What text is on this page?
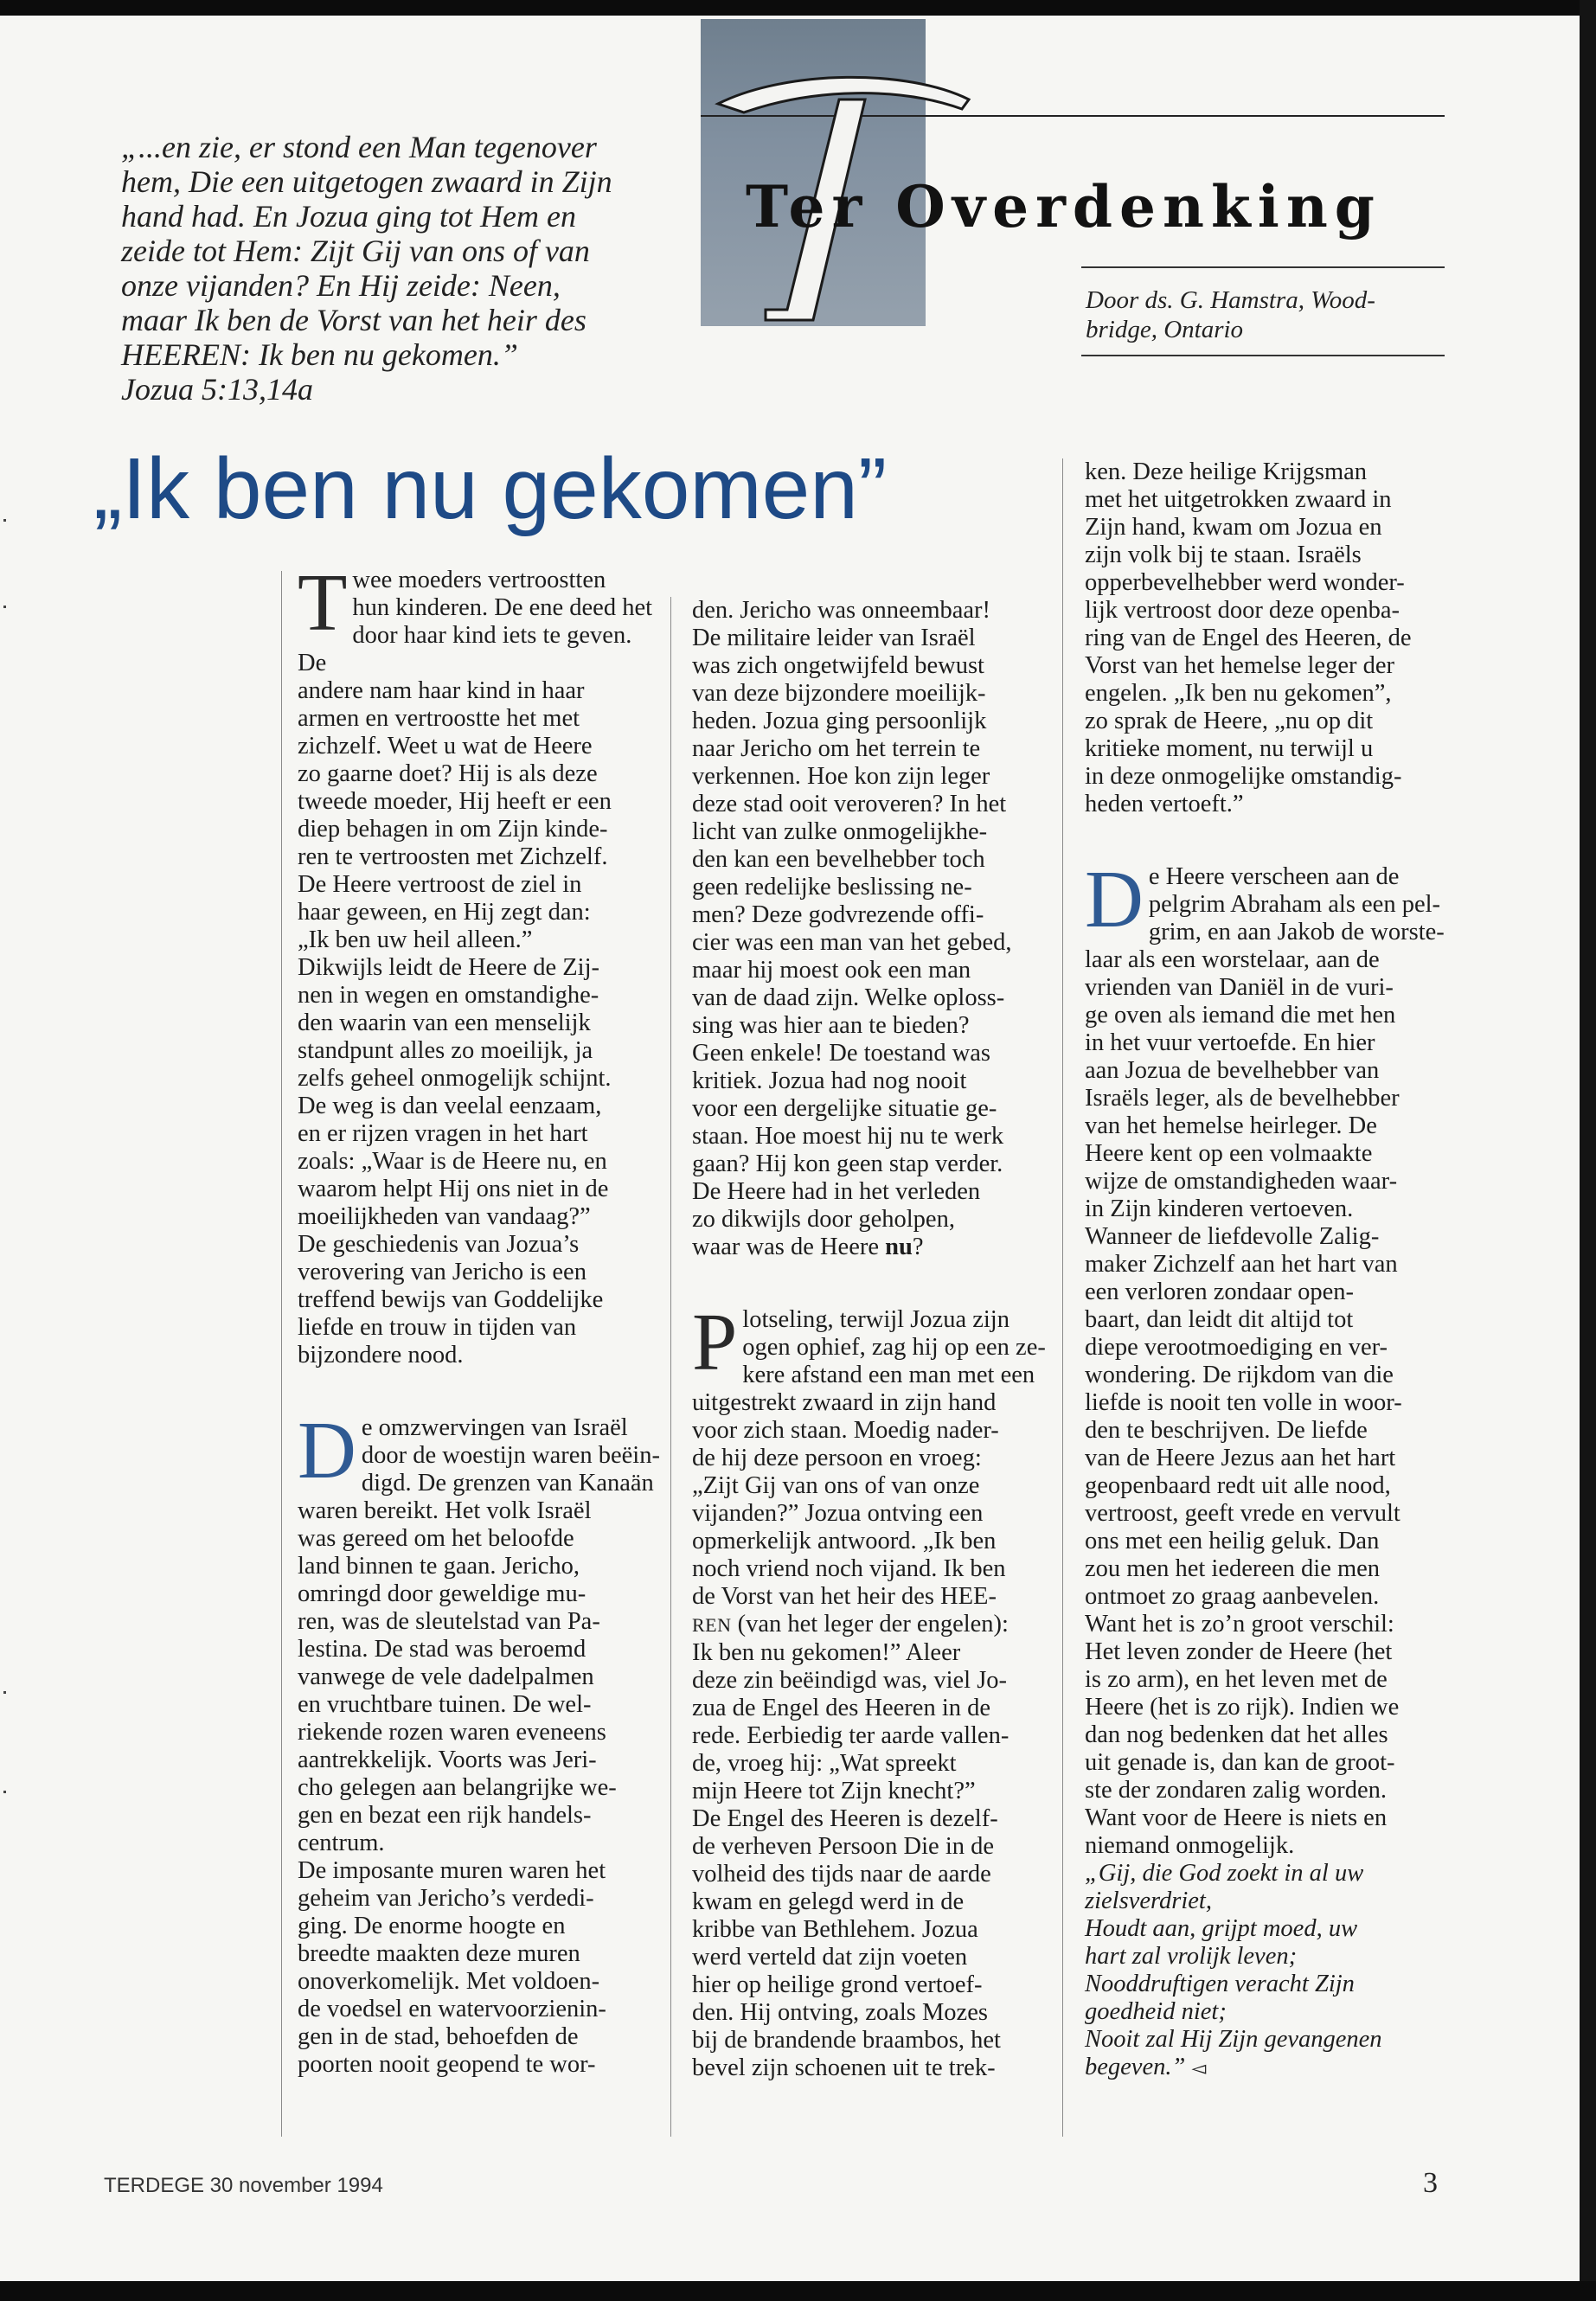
„...en zie, er stond een Man tegenover
hem, Die een uitgetogen zwaard in Zijn
hand had. En Jozua ging tot Hem en
zeide tot Hem: Zijt Gij van ons of van
onze vijanden? En Hij zeide: Neen,
maar Ik ben de Vorst van het heir des
HEEREN: Ik ben nu gekomen.”
Jozua 5:13,14a
T
Ter Overdenking
Door ds. G. Hamstra, Wood-
bridge, Ontario
„Ik ben nu gekomen”

T wee moeders vertroostten
hun kinderen. De ene deed het
door haar kind iets te geven. De
andere nam haar kind in haar
armen en vertroostte het met
zichzelf. Weet u wat de Heere
zo gaarne doet? Hij is als deze
tweede moeder, Hij heeft er een
diep behagen in om Zijn kinde-
ren te vertroosten met Zichzelf.
De Heere vertroost de ziel in
haar geween, en Hij zegt dan:
„Ik ben uw heil alleen.”
Dikwijls leidt de Heere de Zij-
nen in wegen en omstandighe-
den waarin van een menselijk
standpunt alles zo moeilijk, ja
zelfs geheel onmogelijk schijnt.
De weg is dan veelal eenzaam,
en er rijzen vragen in het hart
zoals: „Waar is de Heere nu, en
waarom helpt Hij ons niet in de
moeilijkheden van vandaag?”
De geschiedenis van Jozua’s
verovering van Jericho is een
treffend bewijs van Goddelijke
liefde en trouw in tijden van
bijzondere nood.

D e omzwervingen van Israël
door de woestijn waren beëin-
digd. De grenzen van Kanaän
waren bereikt. Het volk Israël
was gereed om het beloofde
land binnen te gaan. Jericho,
omringd door geweldige mu-
ren, was de sleutelstad van Pa-
lestina. De stad was beroemd
vanwege de vele dadelpalmen
en vruchtbare tuinen. De wel-
riekende rozen waren eveneens
aantrekkelijk. Voorts was Jeri-
cho gelegen aan belangrijke we-
gen en bezat een rijk handels-
centrum.
De imposante muren waren het
geheim van Jericho’s verdedi-
ging. De enorme hoogte en
breedte maakten deze muren
onoverkomelijk. Met voldoen-
de voedsel en watervoorzienin-
gen in de stad, behoefden de
poorten nooit geopend te wor-

den. Jericho was onneembaar!
De militaire leider van Israël
was zich ongetwijfeld bewust
van deze bijzondere moeilijk-
heden. Jozua ging persoonlijk
naar Jericho om het terrein te
verkennen. Hoe kon zijn leger
deze stad ooit veroveren? In het
licht van zulke onmogelijkhe-
den kan een bevelhebber toch
geen redelijke beslissing ne-
men? Deze godvrezende offi-
cier was een man van het gebed,
maar hij moest ook een man
van de daad zijn. Welke oploss-
sing was hier aan te bieden?
Geen enkele! De toestand was
kritiek. Jozua had nog nooit
voor een dergelijke situatie ge-
staan. Hoe moest hij nu te werk
gaan? Hij kon geen stap verder.
De Heere had in het verleden
zo dikwijls door geholpen,
waar was de Heere nu?

P lotseling, terwijl Jozua zijn
ogen ophief, zag hij op een ze-
kere afstand een man met een
uitgestrekt zwaard in zijn hand
voor zich staan. Moedig nader-
de hij deze persoon en vroeg:
„Zijt Gij van ons of van onze
vijanden?” Jozua ontving een
opmerkelijk antwoord. „Ik ben
noch vriend noch vijand. Ik ben
de Vorst van het heir des HEE-
REN (van het leger der engelen):
Ik ben nu gekomen!” Aleer
deze zin beëindigd was, viel Jo-
zua de Engel des Heeren in de
rede. Eerbiedig ter aarde vallen-
de, vroeg hij: „Wat spreekt
mijn Heere tot Zijn knecht?”
De Engel des Heeren is dezelf-
de verheven Persoon Die in de
volheid des tijds naar de aarde
kwam en gelegd werd in de
kribbe van Bethlehem. Jozua
werd verteld dat zijn voeten
hier op heilige grond vertoef-
den. Hij ontving, zoals Mozes
bij de brandende braambos, het
bevel zijn schoenen uit te trek-

ken. Deze heilige Krijgsman
met het uitgetrokken zwaard in
Zijn hand, kwam om Jozua en
zijn volk bij te staan. Israëls
opperbevelhebber werd wonder-
lijk vertroost door deze openba-
ring van de Engel des Heeren, de
Vorst van het hemelse leger der
engelen. „Ik ben nu gekomen”,
zo sprak de Heere, „nu op dit
kritieke moment, nu terwijl u
in deze onmogelijke omstandig-
heden vertoeft.”

D e Heere verscheen aan de
pelgrim Abraham als een pel-
grim, en aan Jakob de worste-
laar als een worstelaar, aan de
vrienden van Daniël in de vuri-
ge oven als iemand die met hen
in het vuur vertoefde. En hier
aan Jozua de bevelhebber van
Israëls leger, als de bevelhebber
van het hemelse heirleger. De
Heere kent op een volmaakte
wijze de omstandigheden waar-
in Zijn kinderen vertoeven.
Wanneer de liefdevolle Zalig-
maker Zichzelf aan het hart van
een verloren zondaar open-
baart, dan leidt dit altijd tot
diepe verootmoediging en ver-
wondering. De rijkdom van die
liefde is nooit ten volle in woor-
den te beschrijven. De liefde
van de Heere Jezus aan het hart
geopenbaard redt uit alle nood,
vertroost, geeft vrede en vervult
ons met een heilig geluk. Dan
zou men het iedereen die men
ontmoet zo graag aanbevelen.
Want het is zo’n groot verschil:
Het leven zonder de Heere (het
is zo arm), en het leven met de
Heere (het is zo rijk). Indien we
dan nog bedenken dat het alles
uit genade is, dan kan de groot-
ste der zondaren zalig worden.
Want voor de Heere is niets en
niemand onmogelijk.

„Gij, die God zoekt in al uw
zielsverdriet,
Houdt aan, grijpt moed, uw
hart zal vrolijk leven;
Nooddruftigen veracht Zijn
goedheid niet;
Nooit zal Hij Zijn gevangenen
begeven.” ◅

TERDEGE 30 november 1994	3
